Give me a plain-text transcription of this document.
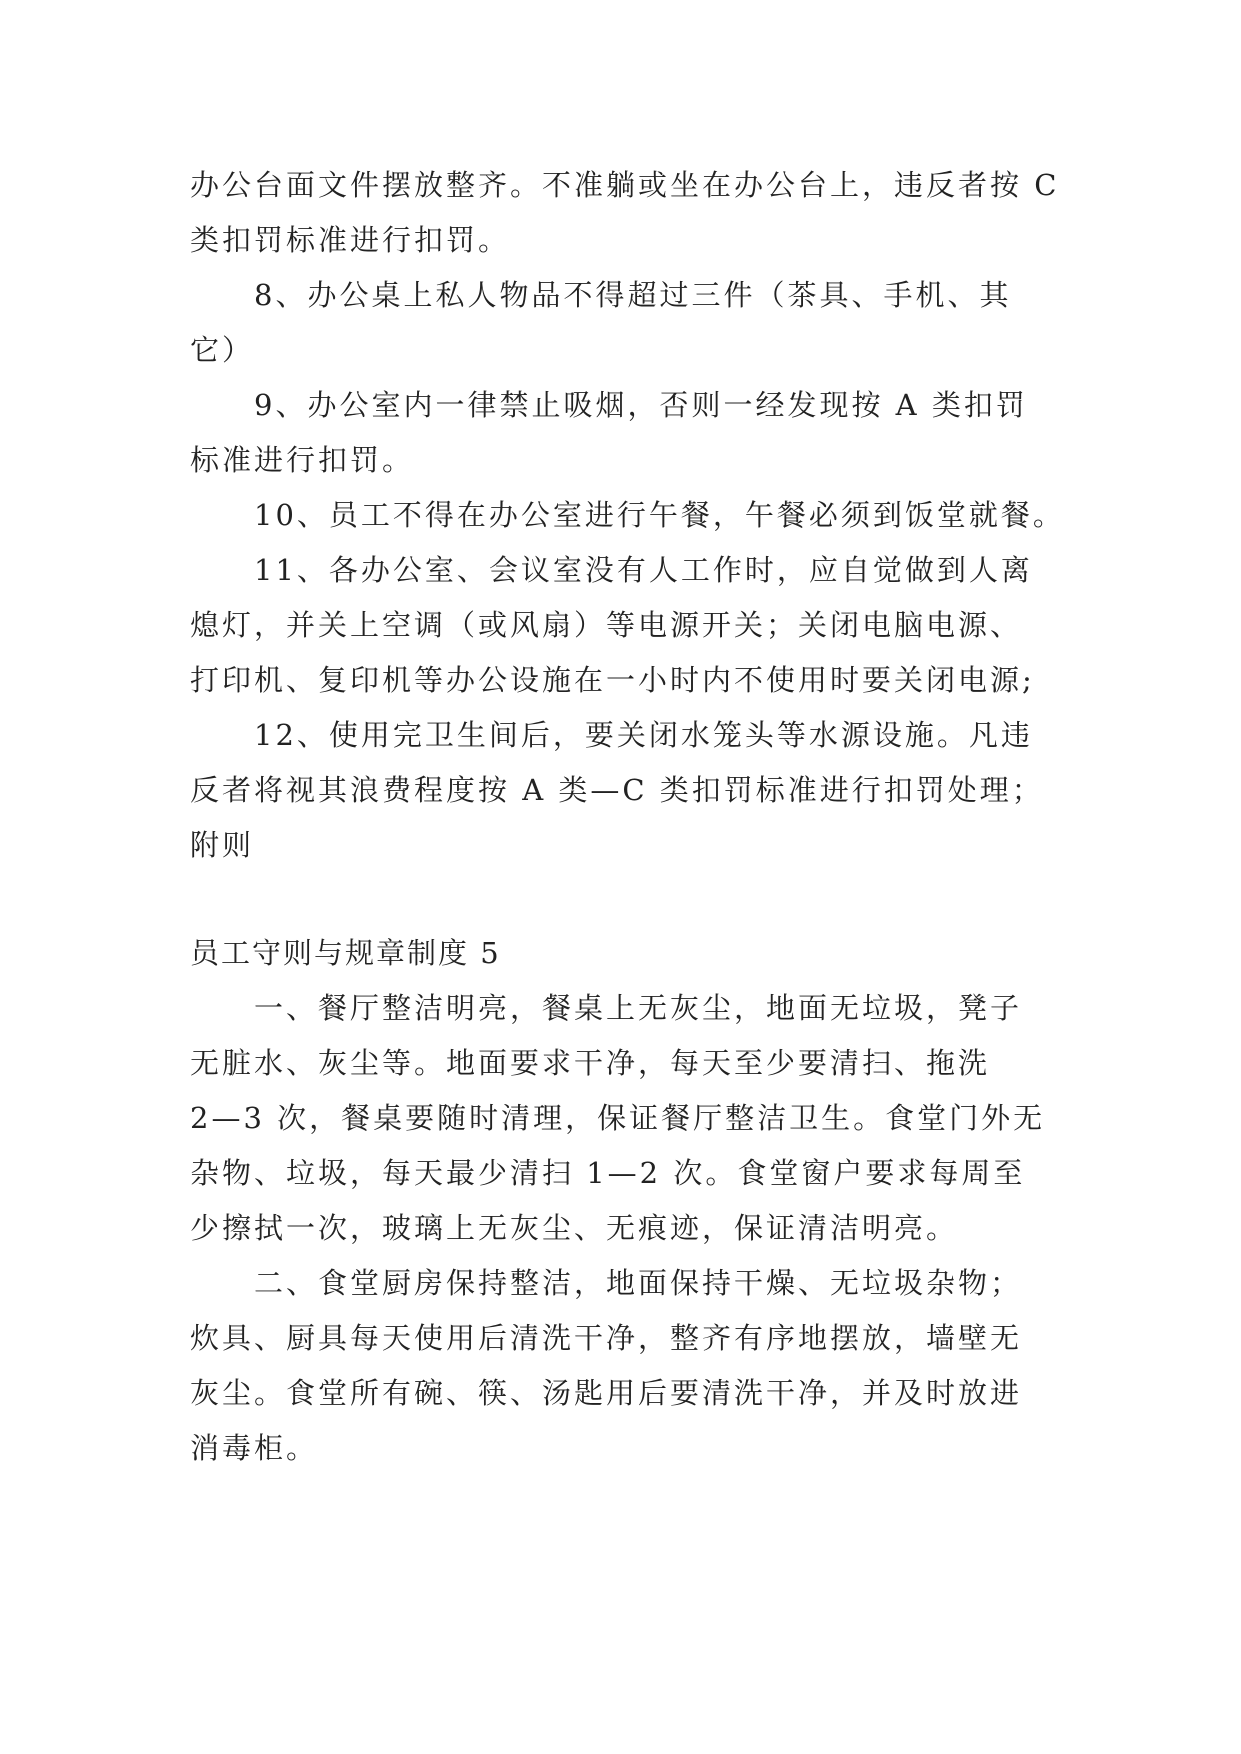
办公台面文件摆放整齐。不准躺或坐在办公台上，违反者按 C
类扣罚标准进行扣罚。
8、办公桌上私人物品不得超过三件（茶具、手机、其
它）
9、办公室内一律禁止吸烟，否则一经发现按 A 类扣罚
标准进行扣罚。
10、员工不得在办公室进行午餐，午餐必须到饭堂就餐。
11、各办公室、会议室没有人工作时，应自觉做到人离
熄灯，并关上空调（或风扇）等电源开关；关闭电脑电源、
打印机、复印机等办公设施在一小时内不使用时要关闭电源;
12、使用完卫生间后，要关闭水笼头等水源设施。凡违
反者将视其浪费程度按 A 类—C 类扣罚标准进行扣罚处理；
附则
员工守则与规章制度 5
一、餐厅整洁明亮，餐桌上无灰尘，地面无垃圾，凳子
无脏水、灰尘等。地面要求干净，每天至少要清扫、拖洗
2—3 次，餐桌要随时清理，保证餐厅整洁卫生。食堂门外无
杂物、垃圾，每天最少清扫 1—2 次。食堂窗户要求每周至
少擦拭一次，玻璃上无灰尘、无痕迹，保证清洁明亮。
二、食堂厨房保持整洁，地面保持干燥、无垃圾杂物；
炊具、厨具每天使用后清洗干净，整齐有序地摆放，墙壁无
灰尘。食堂所有碗、筷、汤匙用后要清洗干净，并及时放进
消毒柜。
